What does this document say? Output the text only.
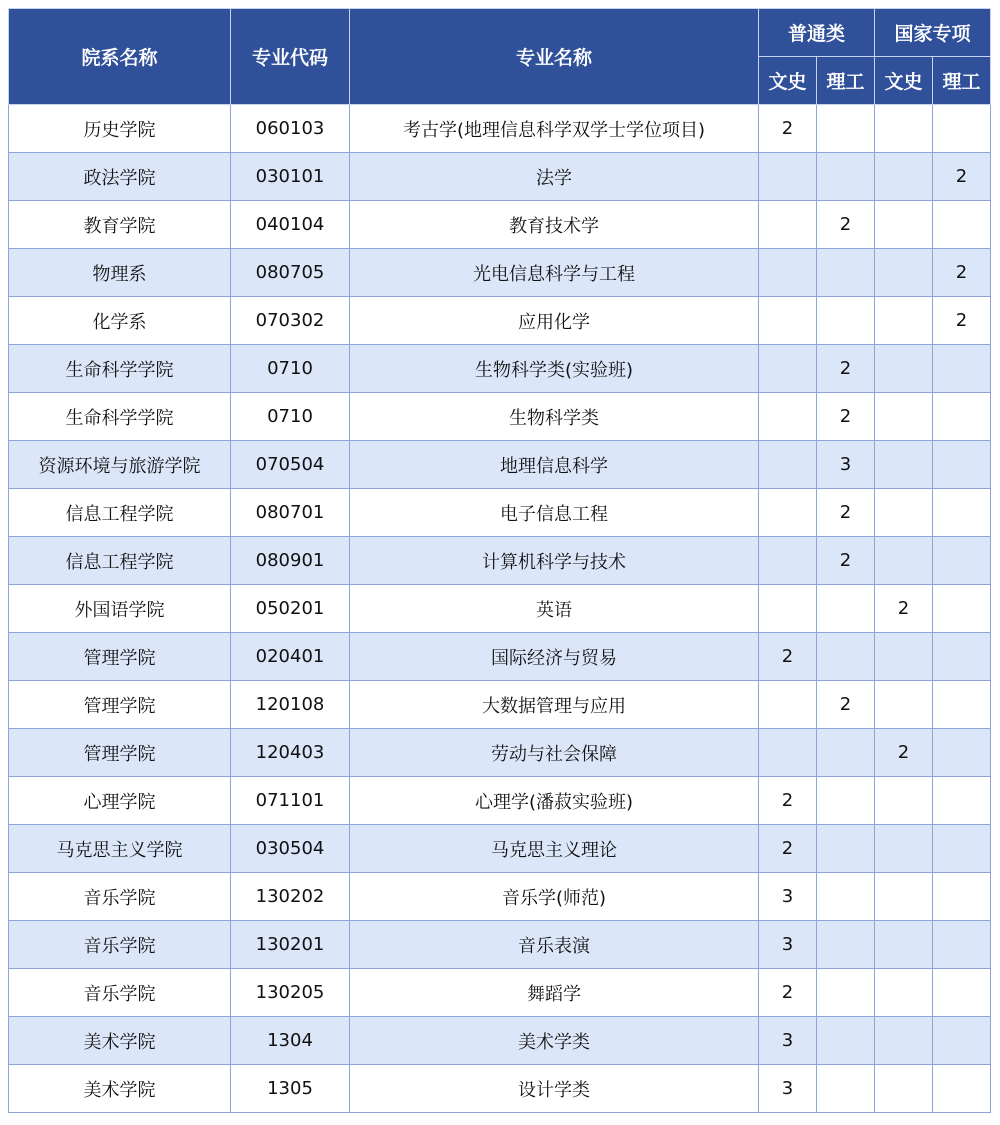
院系名称	专业代码	专业名称	普通类		国家专项	
			文史	理工	文史	理工
历史学院	060103	考古学(地理信息科学双学士学位项目)	2			
政法学院	030101	法学				2
教育学院	040104	教育技术学		2		
物理系	080705	光电信息科学与工程				2
化学系	070302	应用化学				2
生命科学学院	0710	生物科学类(实验班)		2		
生命科学学院	0710	生物科学类		2		
资源环境与旅游学院	070504	地理信息科学		3		
信息工程学院	080701	电子信息工程		2		
信息工程学院	080901	计算机科学与技术		2		
外国语学院	050201	英语			2	
管理学院	020401	国际经济与贸易	2			
管理学院	120108	大数据管理与应用		2		
管理学院	120403	劳动与社会保障			2	
心理学院	071101	心理学(潘菽实验班)	2			
马克思主义学院	030504	马克思主义理论	2			
音乐学院	130202	音乐学(师范)	3			
音乐学院	130201	音乐表演	3			
音乐学院	130205	舞蹈学	2			
美术学院	1304	美术学类	3			
美术学院	1305	设计学类	3			
